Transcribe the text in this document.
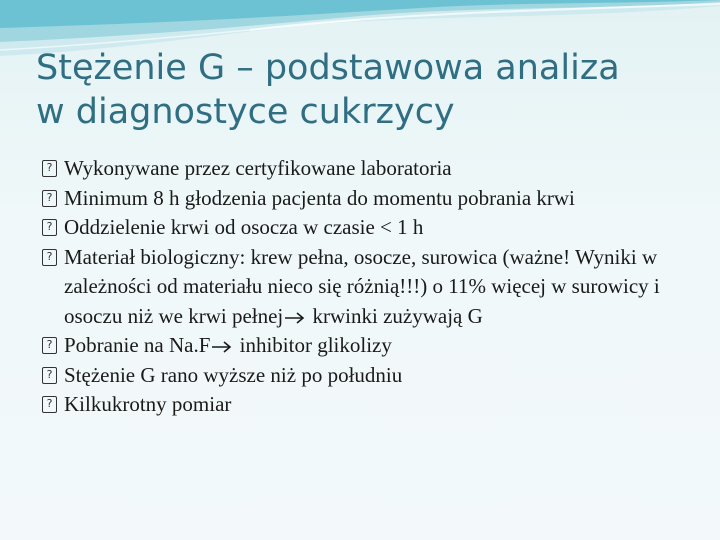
Stężenie G – podstawowa analiza
w diagnostyce cukrzycy
? Wykonywane przez certyfikowane laboratoria
? Minimum 8 h głodzenia pacjenta do momentu pobrania krwi
? Oddzielenie krwi od osocza w czasie < 1 h
? Materiał biologiczny: krew pełna, osocze, surowica (ważne! Wyniki w zależności od materiału nieco się różnią!!!) o 11% więcej w surowicy i osoczu niż we krwi pełnej krwinki zużywają G
? Pobranie na Na.F inhibitor glikolizy
? Stężenie G rano wyższe niż po południu
? Kilkukrotny pomiar
